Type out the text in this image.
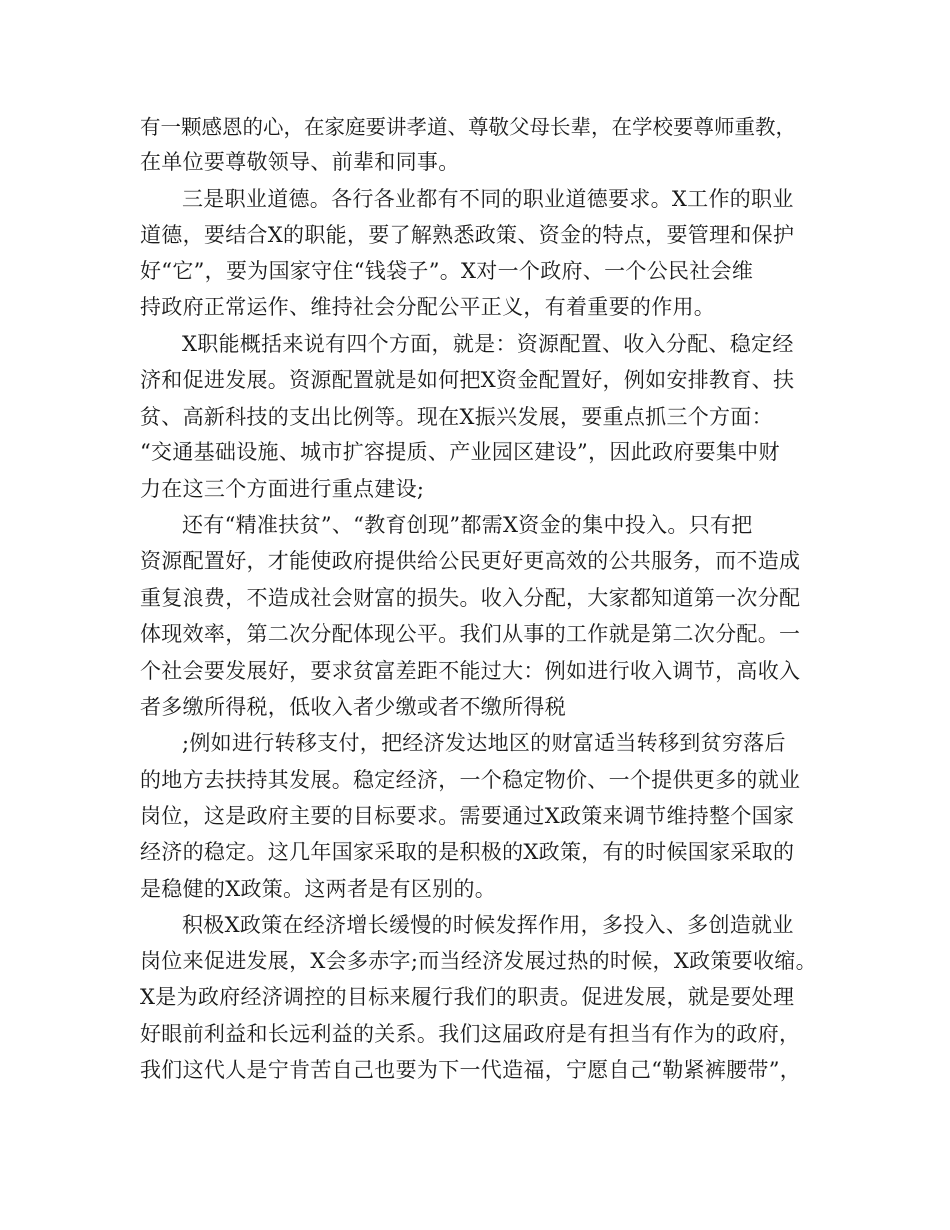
有一颗感恩的心，在家庭要讲孝道、尊敬父母长辈，在学校要尊师重教，
在单位要尊敬领导、前辈和同事。
三是职业道德。各行各业都有不同的职业道德要求。X工作的职业
道德，要结合X的职能，要了解熟悉政策、资金的特点，要管理和保护
好“它”，要为国家守住“钱袋子”。X对一个政府、一个公民社会维
持政府正常运作、维持社会分配公平正义，有着重要的作用。
X职能概括来说有四个方面，就是：资源配置、收入分配、稳定经
济和促进发展。资源配置就是如何把X资金配置好，例如安排教育、扶
贫、高新科技的支出比例等。现在X振兴发展，要重点抓三个方面：
“交通基础设施、城市扩容提质、产业园区建设”，因此政府要集中财
力在这三个方面进行重点建设;
还有“精准扶贫”、“教育创现”都需X资金的集中投入。只有把
资源配置好，才能使政府提供给公民更好更高效的公共服务，而不造成
重复浪费，不造成社会财富的损失。收入分配，大家都知道第一次分配
体现效率，第二次分配体现公平。我们从事的工作就是第二次分配。一
个社会要发展好，要求贫富差距不能过大：例如进行收入调节，高收入
者多缴所得税，低收入者少缴或者不缴所得税
;例如进行转移支付，把经济发达地区的财富适当转移到贫穷落后
的地方去扶持其发展。稳定经济，一个稳定物价、一个提供更多的就业
岗位，这是政府主要的目标要求。需要通过X政策来调节维持整个国家
经济的稳定。这几年国家采取的是积极的X政策，有的时候国家采取的
是稳健的X政策。这两者是有区别的。
积极X政策在经济增长缓慢的时候发挥作用，多投入、多创造就业
岗位来促进发展，X会多赤字;而当经济发展过热的时候，X政策要收缩。
X是为政府经济调控的目标来履行我们的职责。促进发展，就是要处理
好眼前利益和长远利益的关系。我们这届政府是有担当有作为的政府，
我们这代人是宁肯苦自己也要为下一代造福，宁愿自己“勒紧裤腰带”，
